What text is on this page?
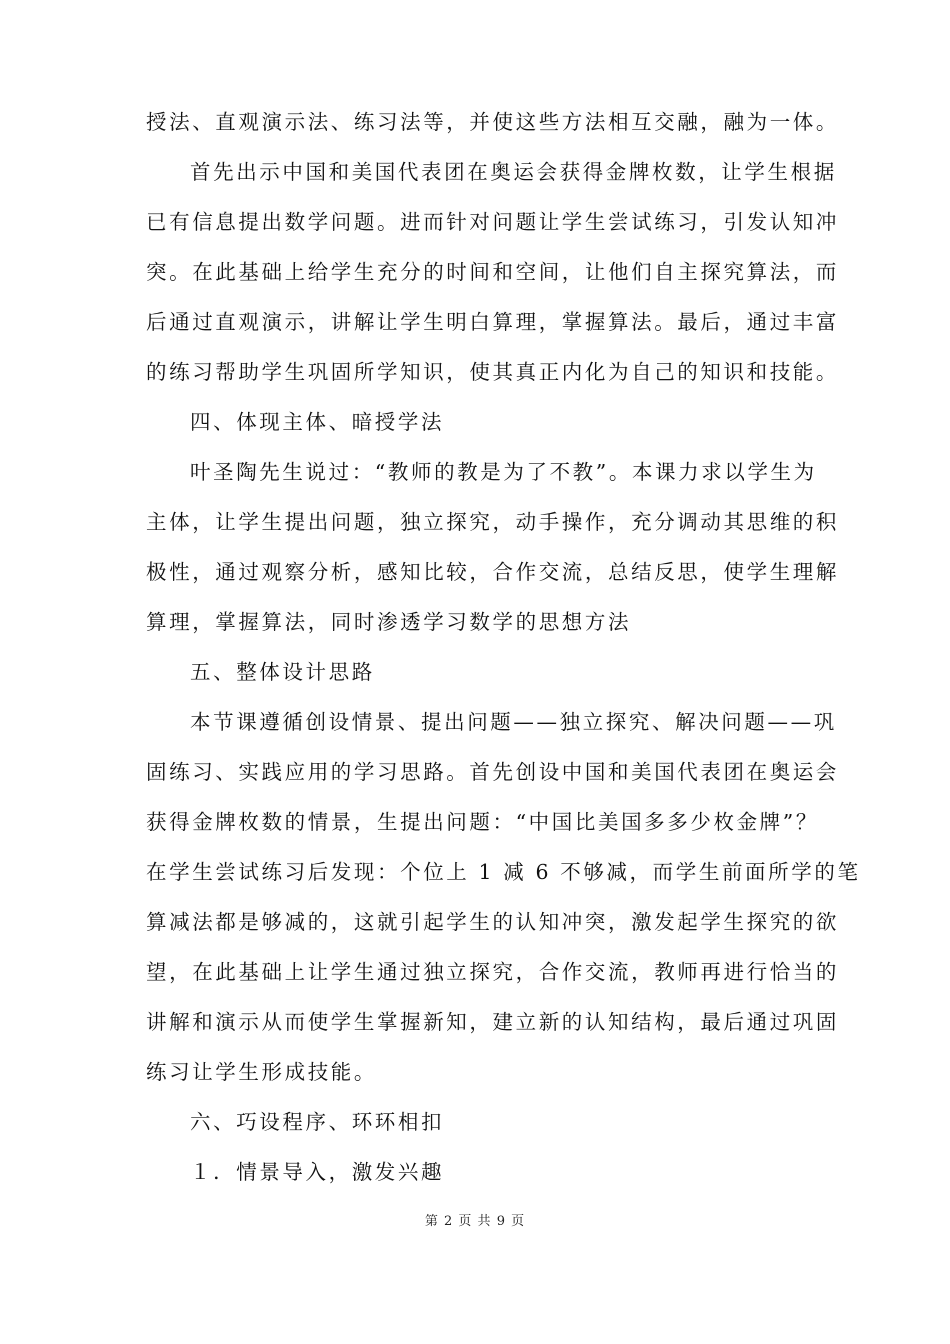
授法、直观演示法、练习法等，并使这些方法相互交融，融为一体。
首先出示中国和美国代表团在奥运会获得金牌枚数，让学生根据
已有信息提出数学问题。进而针对问题让学生尝试练习，引发认知冲
突。在此基础上给学生充分的时间和空间，让他们自主探究算法，而
后通过直观演示，讲解让学生明白算理，掌握算法。最后，通过丰富
的练习帮助学生巩固所学知识，使其真正内化为自己的知识和技能。
四、体现主体、暗授学法
叶圣陶先生说过：“教师的教是为了不教”。本课力求以学生为
主体，让学生提出问题，独立探究，动手操作，充分调动其思维的积
极性，通过观察分析，感知比较，合作交流，总结反思，使学生理解
算理，掌握算法，同时渗透学习数学的思想方法
五、整体设计思路
本节课遵循创设情景、提出问题——独立探究、解决问题——巩
固练习、实践应用的学习思路。首先创设中国和美国代表团在奥运会
获得金牌枚数的情景，生提出问题：“中国比美国多多少枚金牌”？
在学生尝试练习后发现：个位上 1 减 6 不够减，而学生前面所学的笔
算减法都是够减的，这就引起学生的认知冲突，激发起学生探究的欲
望，在此基础上让学生通过独立探究，合作交流，教师再进行恰当的
讲解和演示从而使学生掌握新知，建立新的认知结构，最后通过巩固
练习让学生形成技能。
六、巧设程序、环环相扣
１．情景导入，激发兴趣
第 2 页 共 9 页
